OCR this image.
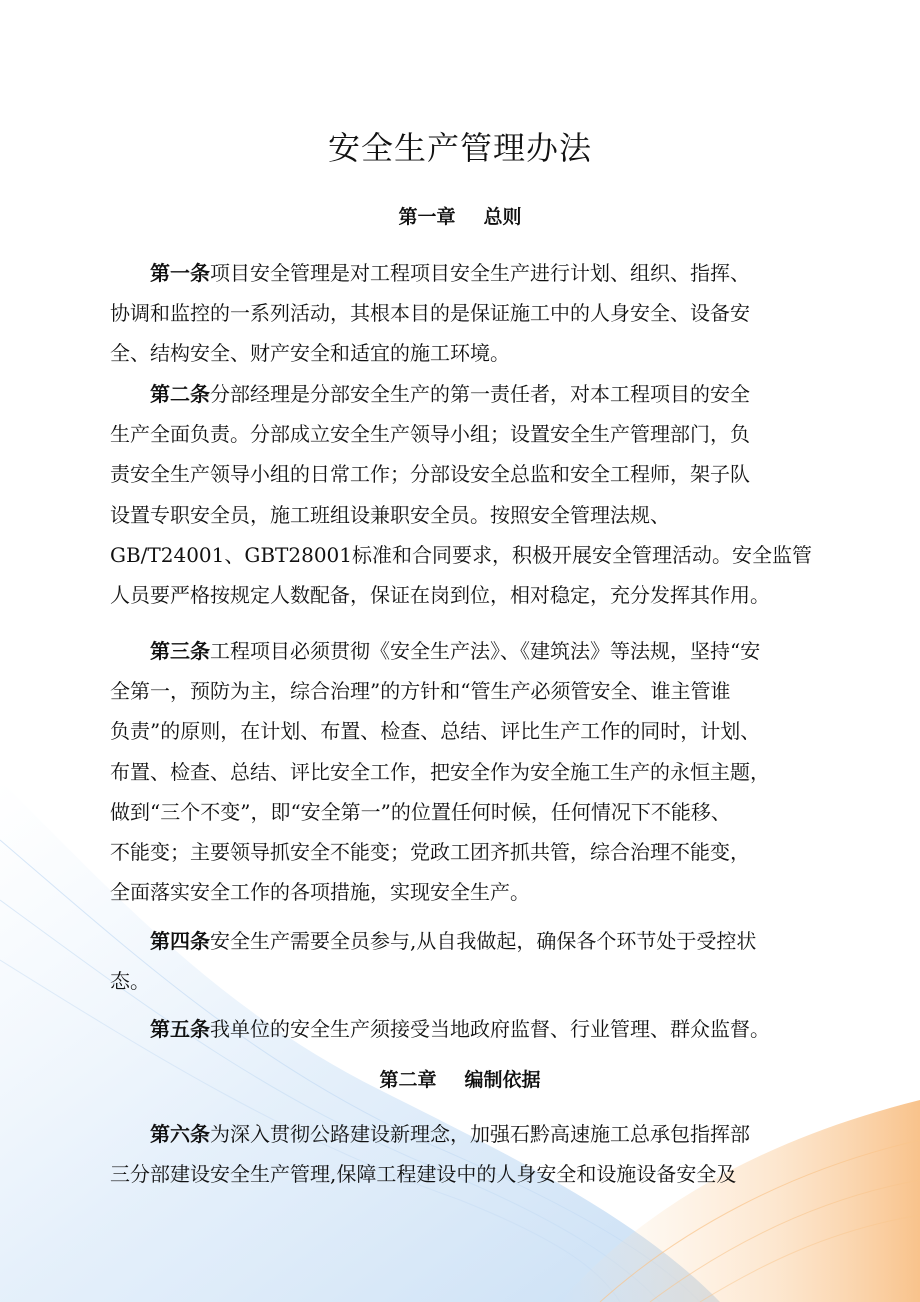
安全生产管理办法
第一章 总则
第一条项目安全管理是对工程项目安全生产进行计划、组织、指挥、
协调和监控的一系列活动，其根本目的是保证施工中的人身安全、设备安
全、结构安全、财产安全和适宜的施工环境。
第二条分部经理是分部安全生产的第一责任者，对本工程项目的安全
生产全面负责。分部成立安全生产领导小组；设置安全生产管理部门，负
责安全生产领导小组的日常工作；分部设安全总监和安全工程师，架子队
设置专职安全员，施工班组设兼职安全员。按照安全管理法规、
GB/T24001、GBT28001标准和合同要求，积极开展安全管理活动。安全监管
人员要严格按规定人数配备，保证在岗到位，相对稳定，充分发挥其作用。
第三条工程项目必须贯彻《安全生产法》、《建筑法》等法规，坚持“安
全第一，预防为主，综合治理”的方针和“管生产必须管安全、谁主管谁
负责”的原则，在计划、布置、检查、总结、评比生产工作的同时，计划、
布置、检查、总结、评比安全工作，把安全作为安全施工生产的永恒主题，
做到“三个不变”，即“安全第一”的位置任何时候，任何情况下不能移、
不能变；主要领导抓安全不能变；党政工团齐抓共管，综合治理不能变，
全面落实安全工作的各项措施，实现安全生产。
第四条安全生产需要全员参与,从自我做起，确保各个环节处于受控状
态。
第五条我单位的安全生产须接受当地政府监督、行业管理、群众监督。
第二章 编制依据
第六条为深入贯彻公路建设新理念，加强石黔高速施工总承包指挥部
三分部建设安全生产管理,保障工程建设中的人身安全和设施设备安全及
